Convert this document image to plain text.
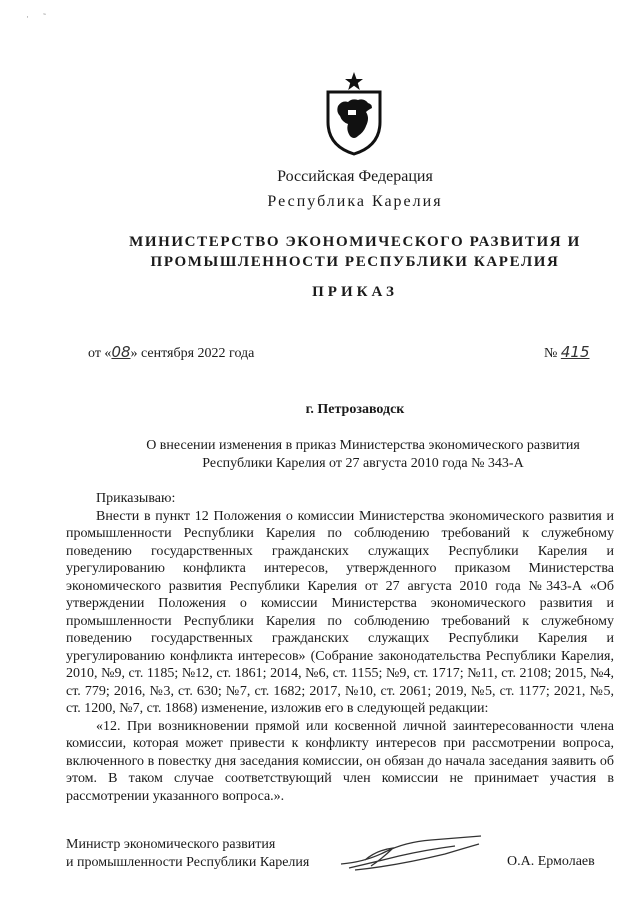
·˜
Российская Федерация
Республика Карелия
МИНИСТЕРСТВО ЭКОНОМИЧЕСКОГО РАЗВИТИЯ И
ПРОМЫШЛЕННОСТИ РЕСПУБЛИКИ КАРЕЛИЯ
ПРИКАЗ
от «08» сентября 2022 года	№ 415
г. Петрозаводск
О внесении изменения в приказ Министерства экономического развития
Республики Карелия от 27 августа 2010 года № 343-А

Приказываю:

Внести в пункт 12 Положения о комиссии Министерства экономического развития и промышленности Республики Карелия по соблюдению требований к служебному поведению государственных гражданских служащих Республики Карелия и урегулированию конфликта интересов, утвержденного приказом Министерства экономического развития Республики Карелия от 27 августа 2010 года №343-А «Об утверждении Положения о комиссии Министерства экономического развития и промышленности Республики Карелия по соблюдению требований к служебному поведению государственных гражданских служащих Республики Карелия и урегулированию конфликта интересов» (Собрание законодательства Республики Карелия, 2010, №9, ст. 1185; №12, ст. 1861; 2014, №6, ст. 1155; №9, ст. 1717; №11, ст. 2108; 2015, №4, ст. 779; 2016, №3, ст. 630; №7, ст. 1682; 2017, №10, ст. 2061; 2019, №5, ст. 1177; 2021, №5, ст. 1200, №7, ст. 1868) изменение, изложив его в следующей редакции:

«12. При возникновении прямой или косвенной личной заинтересованности члена комиссии, которая может привести к конфликту интересов при рассмотрении вопроса, включенного в повестку дня заседания комиссии, он обязан до начала заседания заявить об этом. В таком случае соответствующий член комиссии не принимает участия в рассмотрении указанного вопроса.».

Министр экономического развития
и промышленности Республики Карелия	О.А. Ермолаев
